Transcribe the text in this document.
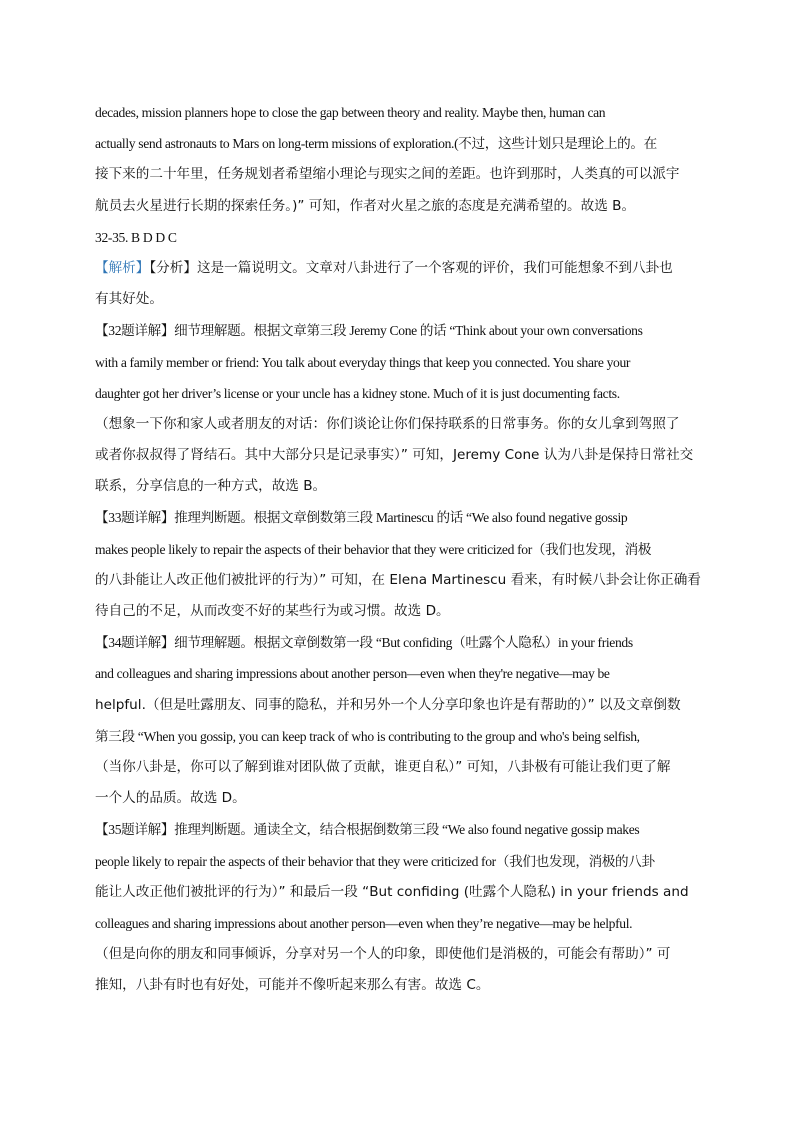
decades, mission planners hope to close the gap between theory and reality. Maybe then, human can
actually send astronauts to Mars on long-term missions of exploration.(不过，这些计划只是理论上的。在
接下来的二十年里，任务规划者希望缩小理论与现实之间的差距。也许到那时，人类真的可以派宇
航员去火星进行长期的探索任务。)” 可知，作者对火星之旅的态度是充满希望的。故选 B。
32-35. B D D C
【解析】【分析】这是一篇说明文。文章对八卦进行了一个客观的评价，我们可能想象不到八卦也
有其好处。
【32题详解】细节理解题。根据文章第三段 Jeremy Cone 的话 “Think about your own conversations
with a family member or friend: You talk about everyday things that keep you connected. You share your
daughter got her driver’s license or your uncle has a kidney stone. Much of it is just documenting facts.
（想象一下你和家人或者朋友的对话：你们谈论让你们保持联系的日常事务。你的女儿拿到驾照了
或者你叔叔得了肾结石。其中大部分只是记录事实）” 可知，Jeremy Cone 认为八卦是保持日常社交
联系，分享信息的一种方式，故选 B。
【33题详解】推理判断题。根据文章倒数第三段 Martinescu 的话 “We also found negative gossip
makes people likely to repair the aspects of their behavior that they were criticized for（我们也发现，消极
的八卦能让人改正他们被批评的行为）” 可知，在 Elena Martinescu 看来，有时候八卦会让你正确看
待自己的不足，从而改变不好的某些行为或习惯。故选 D。
【34题详解】细节理解题。根据文章倒数第一段 “But confiding（吐露个人隐私）in your friends
and colleagues and sharing impressions about another person—even when they're negative—may be
helpful.（但是吐露朋友、同事的隐私，并和另外一个人分享印象也许是有帮助的）” 以及文章倒数
第三段 “When you gossip, you can keep track of who is contributing to the group and who's being selfish,
（当你八卦是，你可以了解到谁对团队做了贡献，谁更自私）” 可知，八卦极有可能让我们更了解
一个人的品质。故选 D。
【35题详解】推理判断题。通读全文，结合根据倒数第三段 “We also found negative gossip makes
people likely to repair the aspects of their behavior that they were criticized for（我们也发现，消极的八卦
能让人改正他们被批评的行为）” 和最后一段 “But confiding (吐露个人隐私) in your friends and
colleagues and sharing impressions about another person—even when they’re negative—may be helpful.
（但是向你的朋友和同事倾诉，分享对另一个人的印象，即使他们是消极的，可能会有帮助）” 可
推知，八卦有时也有好处，可能并不像听起来那么有害。故选 C。
